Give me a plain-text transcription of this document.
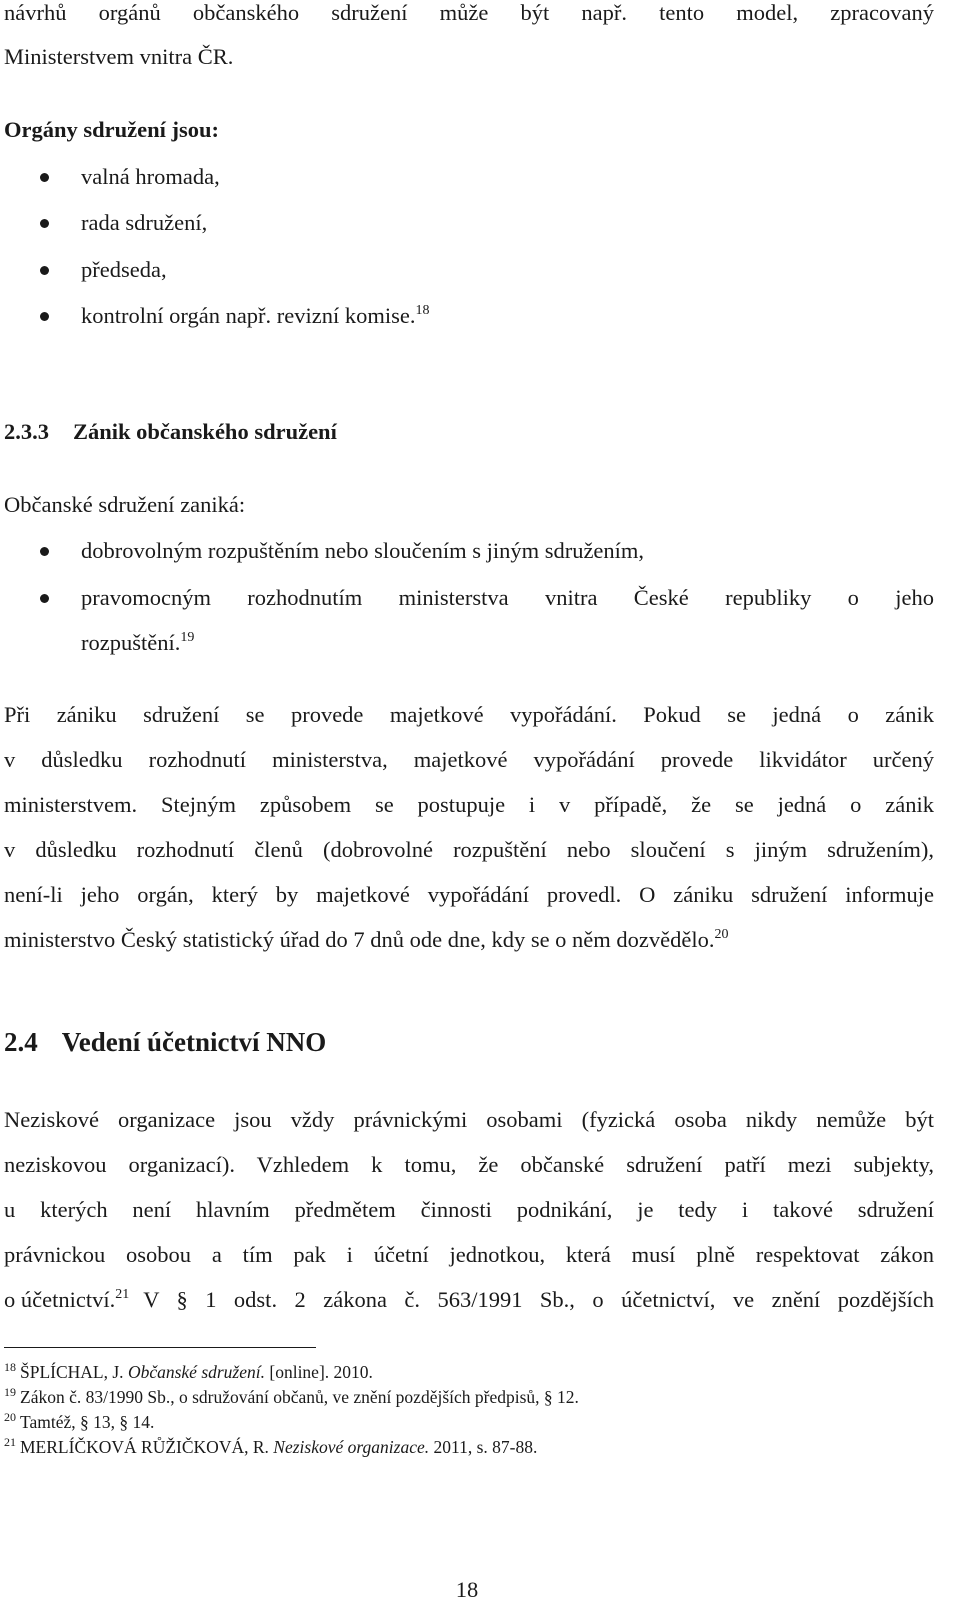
návrhů orgánů občanského sdružení může být např. tento model, zpracovaný
Ministerstvem vnitra ČR.
Orgány sdružení jsou:
valná hromada,
rada sdružení,
předseda,
kontrolní orgán např. revizní komise.$^{18}$
2.3.3 Zánik občanského sdružení
Občanské sdružení zaniká:
dobrovolným rozpuštěním nebo sloučením s jiným sdružením,
pravomocným rozhodnutím ministerstva vnitra České republiky o jeho
rozpuštění.$^{19}$
Při zániku sdružení se provede majetkové vypořádání. Pokud se jedná o zánik
v důsledku rozhodnutí ministerstva, majetkové vypořádání provede likvidátor určený
ministerstvem. Stejným způsobem se postupuje i v případě, že se jedná o zánik
v důsledku rozhodnutí členů (dobrovolné rozpuštění nebo sloučení s jiným sdružením),
není-li jeho orgán, který by majetkové vypořádání provedl. O zániku sdružení informuje
ministerstvo Český statistický úřad do 7 dnů ode dne, kdy se o něm dozvědělo.$^{20}$
2.4 Vedení účetnictví NNO
Neziskové organizace jsou vždy právnickými osobami (fyzická osoba nikdy nemůže být
neziskovou organizací). Vzhledem k tomu, že občanské sdružení patří mezi subjekty,
u kterých není hlavním předmětem činnosti podnikání, je tedy i takové sdružení
právnickou osobou a tím pak i účetní jednotkou, která musí plně respektovat zákon
o účetnictví.$^{21}$ V § 1 odst. 2 zákona č. 563/1991 Sb., o účetnictví, ve znění pozdějších
$^{18}$ ŠPLÍCHAL, J. Občanské sdružení. [online]. 2010.
$^{19}$ Zákon č. 83/1990 Sb., o sdružování občanů, ve znění pozdějších předpisů, § 12.
$^{20}$ Tamtéž, § 13, § 14.
$^{21}$ MERLÍČKOVÁ RŮŽIČKOVÁ, R. Neziskové organizace. 2011, s. 87-88.
18
